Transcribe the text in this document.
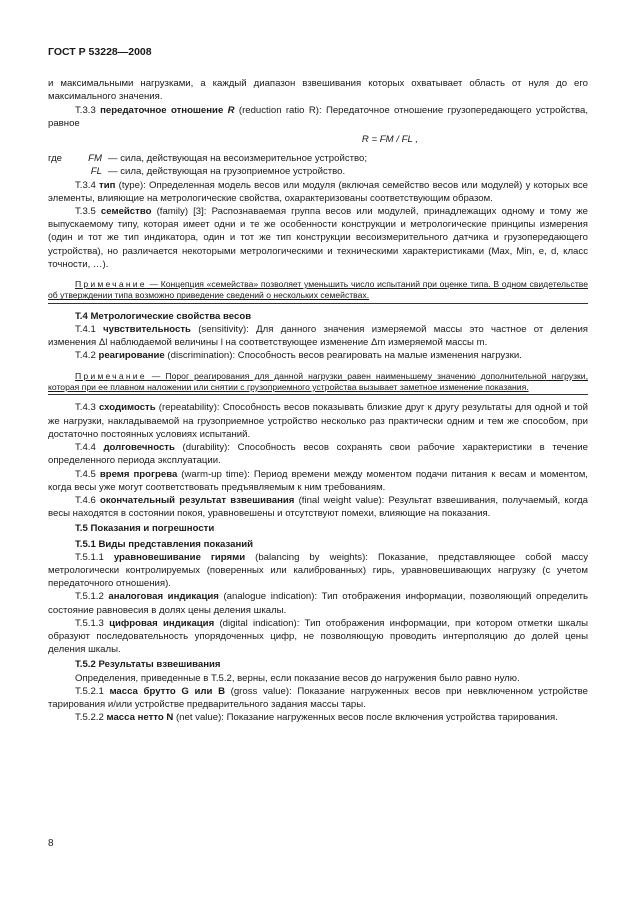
ГОСТ Р 53228—2008

и максимальными нагрузками, а каждый диапазон взвешивания которых охватывает область от нуля до его максимального значения.

Т.3.3 передаточное отношение R (reduction ratio R): Передаточное отношение грузопередающего устройства, равное

R = FM / FL ,
где	FM — сила, действующая на весоизмерительное устройство;
FL — сила, действующая на грузоприемное устройство.

Т.3.4 тип (type): Определенная модель весов или модуля (включая семейство весов или модулей) у которых все элементы, влияющие на метрологические свойства, охарактеризованы соответствующим образом.

Т.3.5 семейство (family) [3]: Распознаваемая группа весов или модулей, принадлежащих одному и тому же выпускаемому типу, которая имеет одни и те же особенности конструкции и метрологические принципы измерения (один и тот же тип индикатора, один и тот же тип конструкции весоизмерительного датчика и грузопередающего устройства), но различается некоторыми метрологическими и техническими характеристиками (Max, Min, e, d, класс точности, …).

Примечание — Концепция «семейства» позволяет уменьшить число испытаний при оценке типа. В одном свидетельстве об утверждении типа возможно приведение сведений о нескольких семействах.
Т.4 Метрологические свойства весов

Т.4.1 чувствительность (sensitivity): Для данного значения измеряемой массы это частное от деления изменения Δl наблюдаемой величины l на соответствующее изменение Δm измеряемой массы m.

Т.4.2 реагирование (discrimination): Способность весов реагировать на малые изменения нагрузки.

Примечание — Порог реагирования для данной нагрузки равен наименьшему значению дополнительной нагрузки, которая при ее плавном наложении или снятии с грузоприемного устройства вызывает заметное изменение показания.

Т.4.3 сходимость (repeatability): Способность весов показывать близкие друг к другу результаты для одной и той же нагрузки, накладываемой на грузоприемное устройство несколько раз практически одним и тем же способом, при достаточно постоянных условиях испытаний.

Т.4.4 долговечность (durability): Способность весов сохранять свои рабочие характеристики в течение определенного периода эксплуатации.

Т.4.5 время прогрева (warm-up time): Период времени между моментом подачи питания к весам и моментом, когда весы уже могут соответствовать предъявляемым к ним требованиям.

Т.4.6 окончательный результат взвешивания (final weight value): Результат взвешивания, получаемый, когда весы находятся в состоянии покоя, уравновешены и отсутствуют помехи, влияющие на показания.

Т.5 Показания и погрешности
Т.5.1 Виды представления показаний

Т.5.1.1 уравновешивание гирями (balancing by weights): Показание, представляющее собой массу метрологически контролируемых (поверенных или калиброванных) гирь, уравновешивающих нагрузку (с учетом передаточного отношения).

Т.5.1.2 аналоговая индикация (analogue indication): Тип отображения информации, позволяющий определить состояние равновесия в долях цены деления шкалы.

Т.5.1.3 цифровая индикация (digital indication): Тип отображения информации, при котором отметки шкалы образуют последовательность упорядоченных цифр, не позволяющую проводить интерполяцию до долей цены деления шкалы.

Т.5.2 Результаты взвешивания

Определения, приведенные в Т.5.2, верны, если показание весов до нагружения было равно нулю.

Т.5.2.1 масса брутто G или B (gross value): Показание нагруженных весов при невключенном устройстве тарирования и/или устройстве предварительного задания массы тары.

Т.5.2.2 масса нетто N (net value): Показание нагруженных весов после включения устройства тарирования.

8
